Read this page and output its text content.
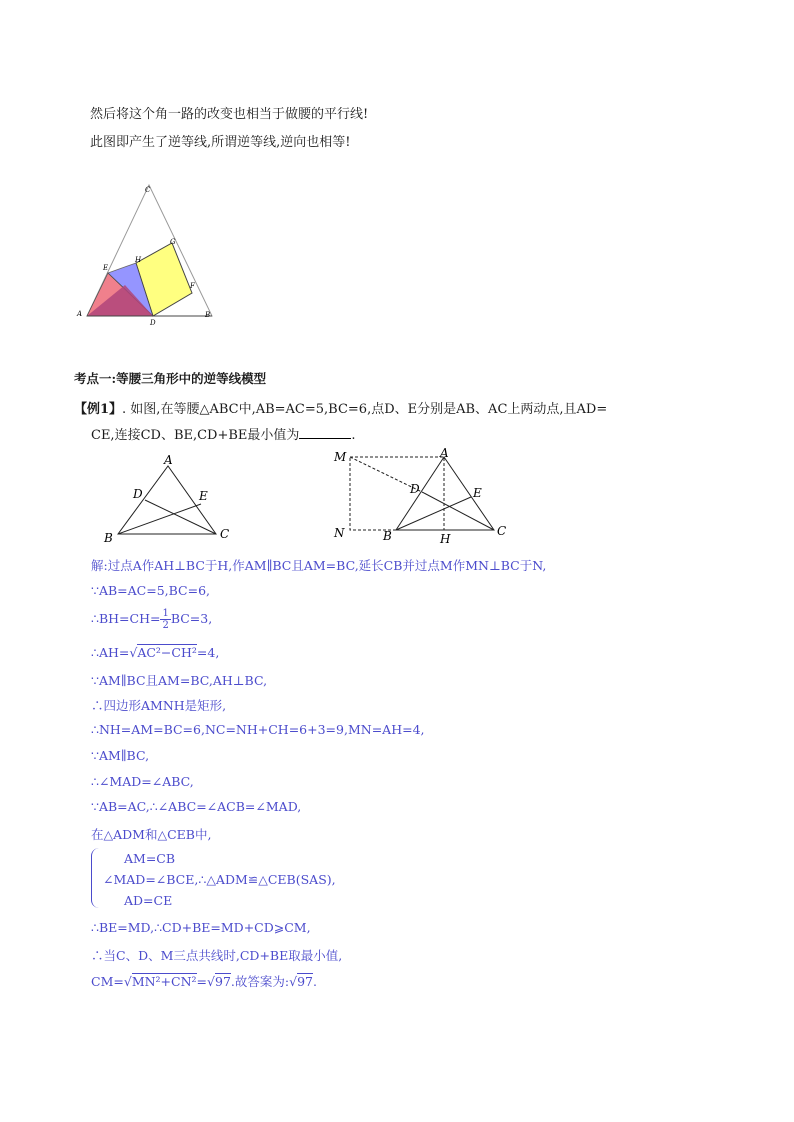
然后将这个角一路的改变也相当于做腰的平行线!
此图即产生了逆等线,所谓逆等线,逆向也相等!
C
A	B
D
E
F
G
H
考点一:等腰三角形中的逆等线模型
【例1】. 如图,在等腰△ABC中,AB=AC=5,BC=6,点D、E分别是AB、AC上两动点,且AD=
CE,连接CD、BE,CD+BE最小值为	.
A
D	E
B	C
M	A
D	E
N	B	H
C
解:过点A作AH⊥BC于H,作AM∥BC且AM=BC,延长CB并过点M作MN⊥BC于N,
∵AB=AC=5,BC=6,
∴BH=CH= $\frac{1}{2} BC=3$,
∴AH=√AC²−CH²=4,
∵AM∥BC且AM=BC,AH⊥BC,
∴四边形AMNH是矩形,
∴NH=AM=BC=6,NC=NH+CH=6+3=9,MN=AH=4,
∵AM∥BC,
∴∠MAD=∠ABC,
∵AB=AC,∴∠ABC=∠ACB=∠MAD,
在△ADM和△CEB中,
AM=CB
∠MAD=∠BCE,∴△ADM≌△CEB(SAS),
AD=CE
∴BE=MD,∴CD+BE=MD+CD⩾CM,
∴当C、D、M三点共线时,CD+BE取最小值,
CM=√MN²+CN²=√97.故答案为:√97.
